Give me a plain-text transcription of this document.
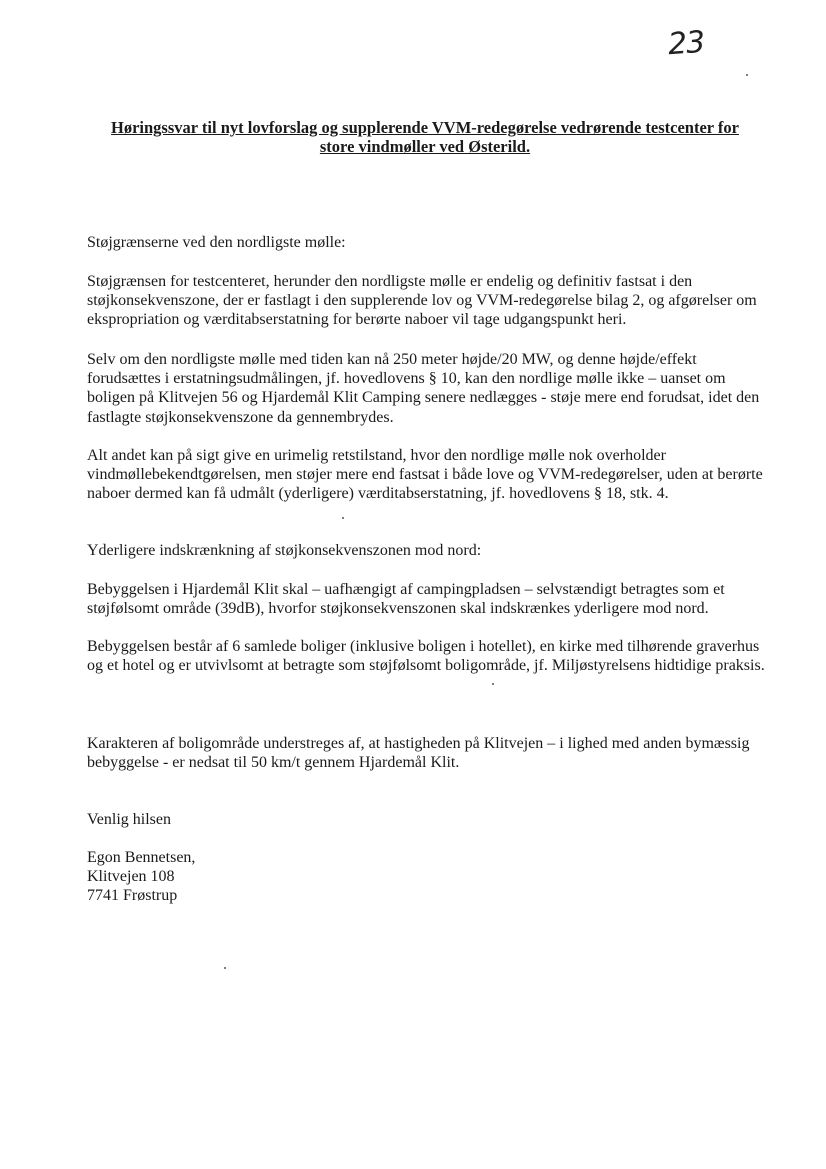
23
Høringssvar til nyt lovforslag og supplerende VVM-redegørelse vedrørende testcenter for
store vindmøller ved Østerild.

Støjgrænserne ved den nordligste mølle:

Støjgrænsen for testcenteret, herunder den nordligste mølle er endelig og definitiv fastsat i den støjkonsekvenszone, der er fastlagt i den supplerende lov og VVM-redegørelse bilag 2, og afgørelser om ekspropriation og værditabserstatning for berørte naboer vil tage udgangspunkt heri.

Selv om den nordligste mølle med tiden kan nå 250 meter højde/20 MW, og denne højde/effekt forudsættes i erstatningsudmålingen, jf. hovedlovens § 10, kan den nordlige mølle ikke – uanset om boligen på Klitvejen 56 og Hjardemål Klit Camping senere nedlægges - støje mere end forudsat, idet den fastlagte støjkonsekvenszone da gennembrydes.

Alt andet kan på sigt give en urimelig retstilstand, hvor den nordlige mølle nok overholder vindmøllebekendtgørelsen, men støjer mere end fastsat i både love og VVM-redegørelser, uden at berørte naboer dermed kan få udmålt (yderligere) værditabserstatning, jf. hovedlovens § 18, stk. 4.

Yderligere indskrænkning af støjkonsekvenszonen mod nord:

Bebyggelsen i Hjardemål Klit skal – uafhængigt af campingpladsen – selvstændigt betragtes som et støjfølsomt område (39dB), hvorfor støjkonsekvenszonen skal indskrænkes yderligere mod nord.

Bebyggelsen består af 6 samlede boliger (inklusive boligen i hotellet), en kirke med tilhørende graverhus og et hotel og er utvivlsomt at betragte som støjfølsomt boligområde, jf. Miljøstyrelsens hidtidige praksis.

Karakteren af boligområde understreges af, at hastigheden på Klitvejen – i lighed med anden bymæssig bebyggelse - er nedsat til 50 km/t gennem Hjardemål Klit.

Venlig hilsen

Egon Bennetsen,
Klitvejen 108
7741 Frøstrup
